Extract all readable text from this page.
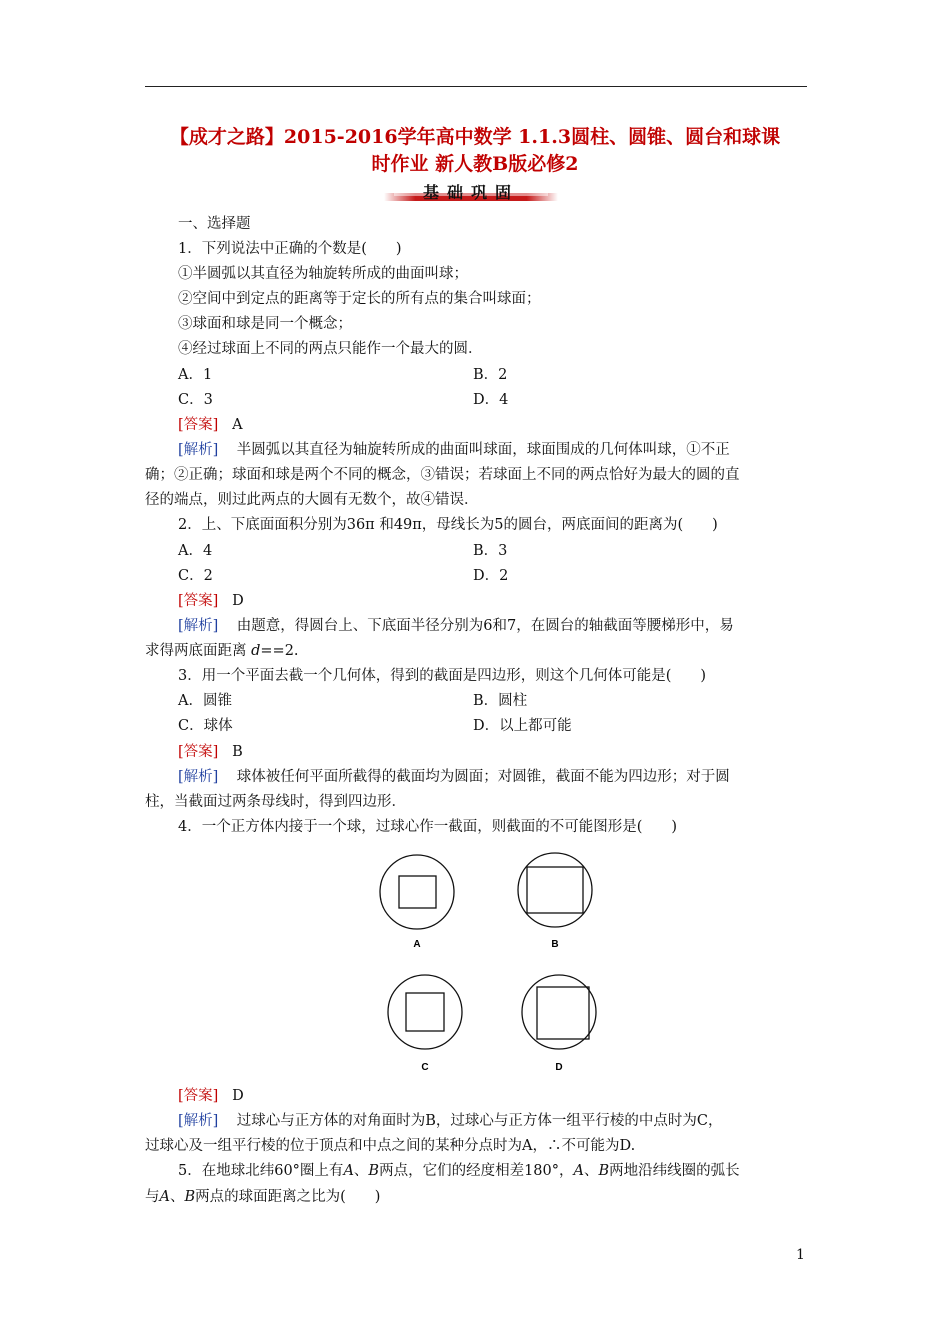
【成才之路】2015-2016学年高中数学 1.1.3圆柱、圆锥、圆台和球课
时作业 新人教B版必修2
基础巩固
一、选择题
1．下列说法中正确的个数是(　　)
①半圆弧以其直径为轴旋转所成的曲面叫球；
②空间中到定点的距离等于定长的所有点的集合叫球面；
③球面和球是同一个概念；
④经过球面上不同的两点只能作一个最大的圆．
A．1	B．2
C．3	D．4
[答案] A
[解析] 半圆弧以其直径为轴旋转所成的曲面叫球面，球面围成的几何体叫球，①不正
确；②正确；球面和球是两个不同的概念，③错误；若球面上不同的两点恰好为最大的圆的直
径的端点，则过此两点的大圆有无数个，故④错误．
2．上、下底面面积分别为36π 和49π，母线长为5的圆台，两底面间的距离为(　　)
A．4	B．3
C．2	D．2
[答案] D
[解析] 由题意，得圆台上、下底面半径分别为6和7，在圆台的轴截面等腰梯形中，易
求得两底面距离 d==2.
3．用一个平面去截一个几何体，得到的截面是四边形，则这个几何体可能是(　　)
A．圆锥	B．圆柱
C．球体	D．以上都可能
[答案] B
[解析] 球体被任何平面所截得的截面均为圆面；对圆锥，截面不能为四边形；对于圆
柱，当截面过两条母线时，得到四边形．
4．一个正方体内接于一个球，过球心作一截面，则截面的不可能图形是(　　)
A	B
C	D
[答案] D
[解析] 过球心与正方体的对角面时为B，过球心与正方体一组平行棱的中点时为C，
过球心及一组平行棱的位于顶点和中点之间的某种分点时为A，∴不可能为D.
5．在地球北纬60°圈上有A、B两点，它们的经度相差180°，A、B两地沿纬线圈的弧长
与A、B两点的球面距离之比为(　　)
1
